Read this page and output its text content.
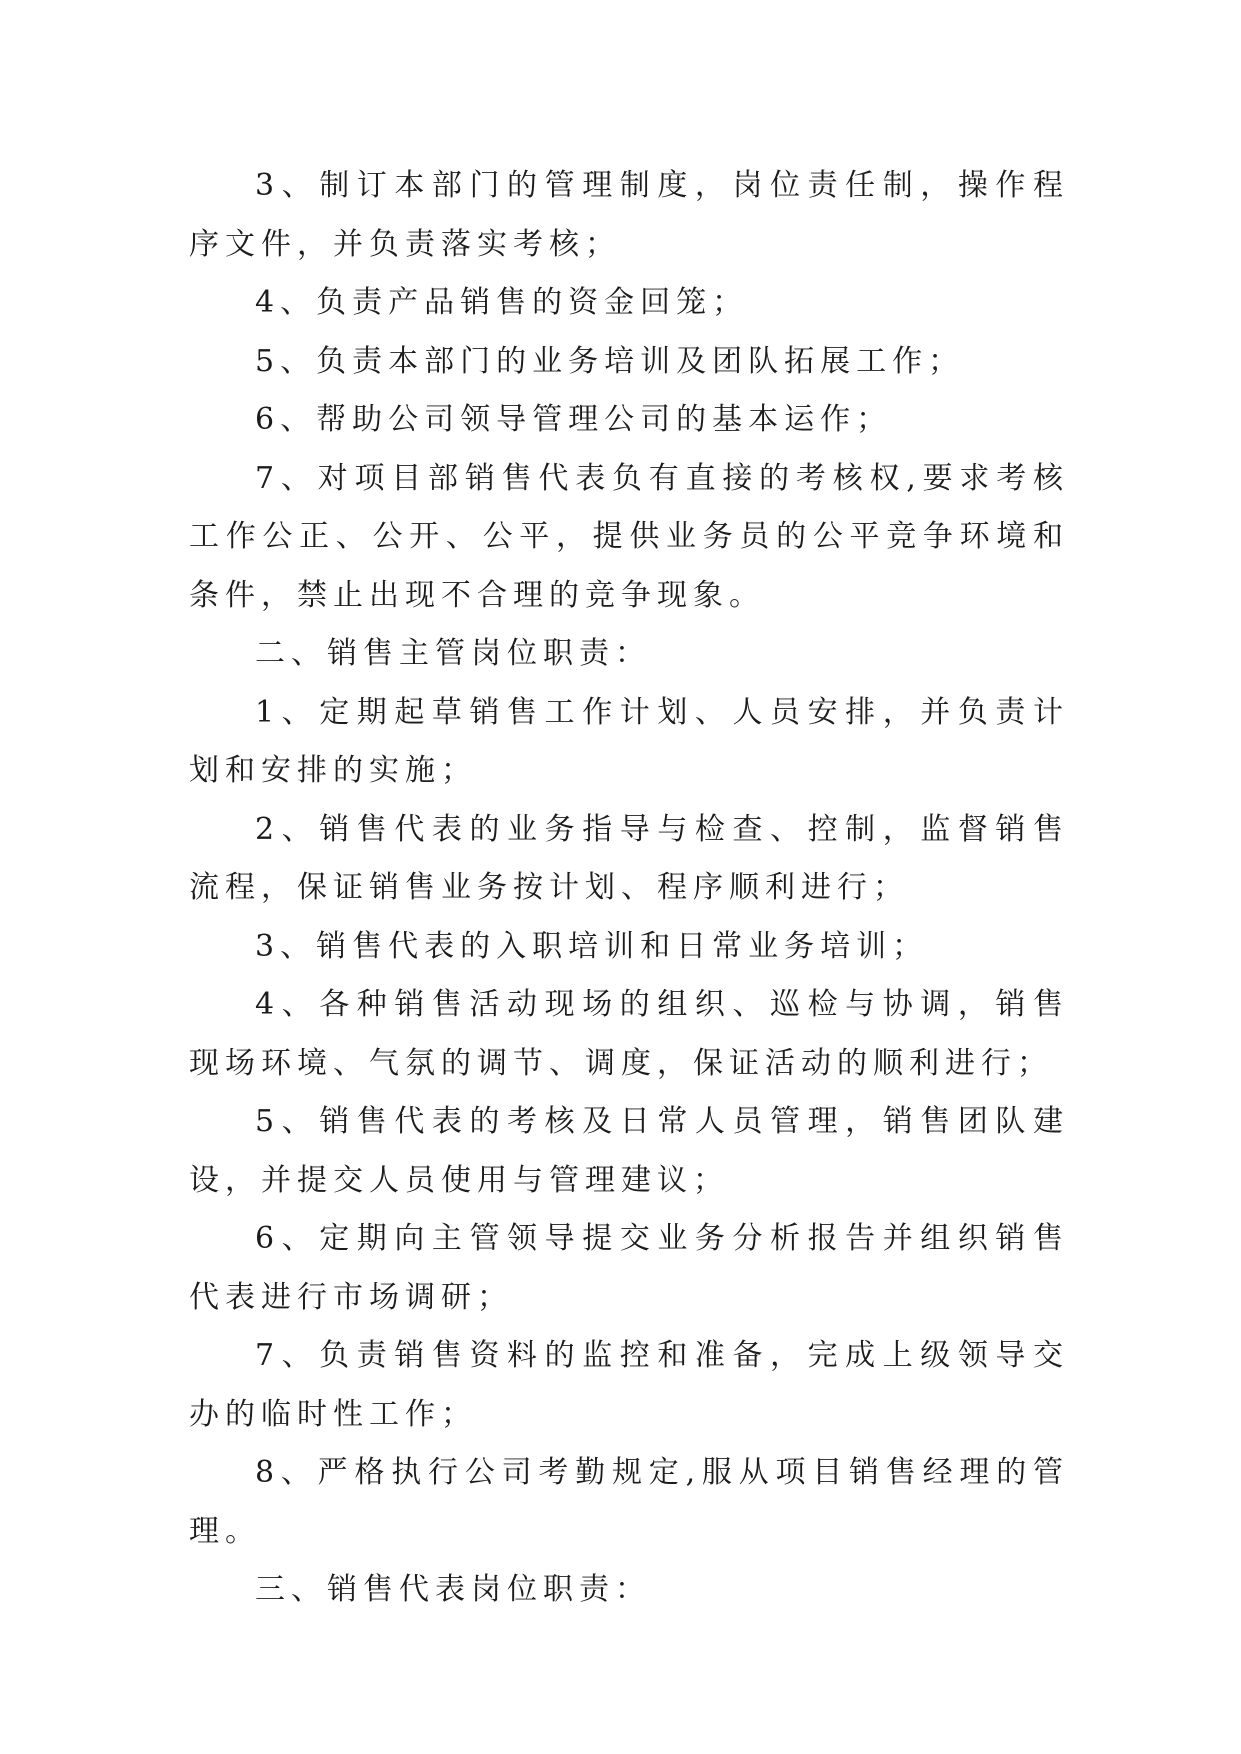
3、制订本部门的管理制度，岗位责任制，操作程序文件，并负责落实考核；

4、负责产品销售的资金回笼；

5、负责本部门的业务培训及团队拓展工作；

6、帮助公司领导管理公司的基本运作；

7、对项目部销售代表负有直接的考核权,要求考核工作公正、公开、公平，提供业务员的公平竞争环境和条件，禁止出现不合理的竞争现象。

二、销售主管岗位职责：

1、定期起草销售工作计划、人员安排，并负责计划和安排的实施；

2、销售代表的业务指导与检查、控制，监督销售流程，保证销售业务按计划、程序顺利进行；

3、销售代表的入职培训和日常业务培训；

4、各种销售活动现场的组织、巡检与协调，销售现场环境、气氛的调节、调度，保证活动的顺利进行；

5、销售代表的考核及日常人员管理，销售团队建设，并提交人员使用与管理建议；

6、定期向主管领导提交业务分析报告并组织销售代表进行市场调研；

7、负责销售资料的监控和准备，完成上级领导交办的临时性工作；

8、严格执行公司考勤规定,服从项目销售经理的管理。

三、销售代表岗位职责：
